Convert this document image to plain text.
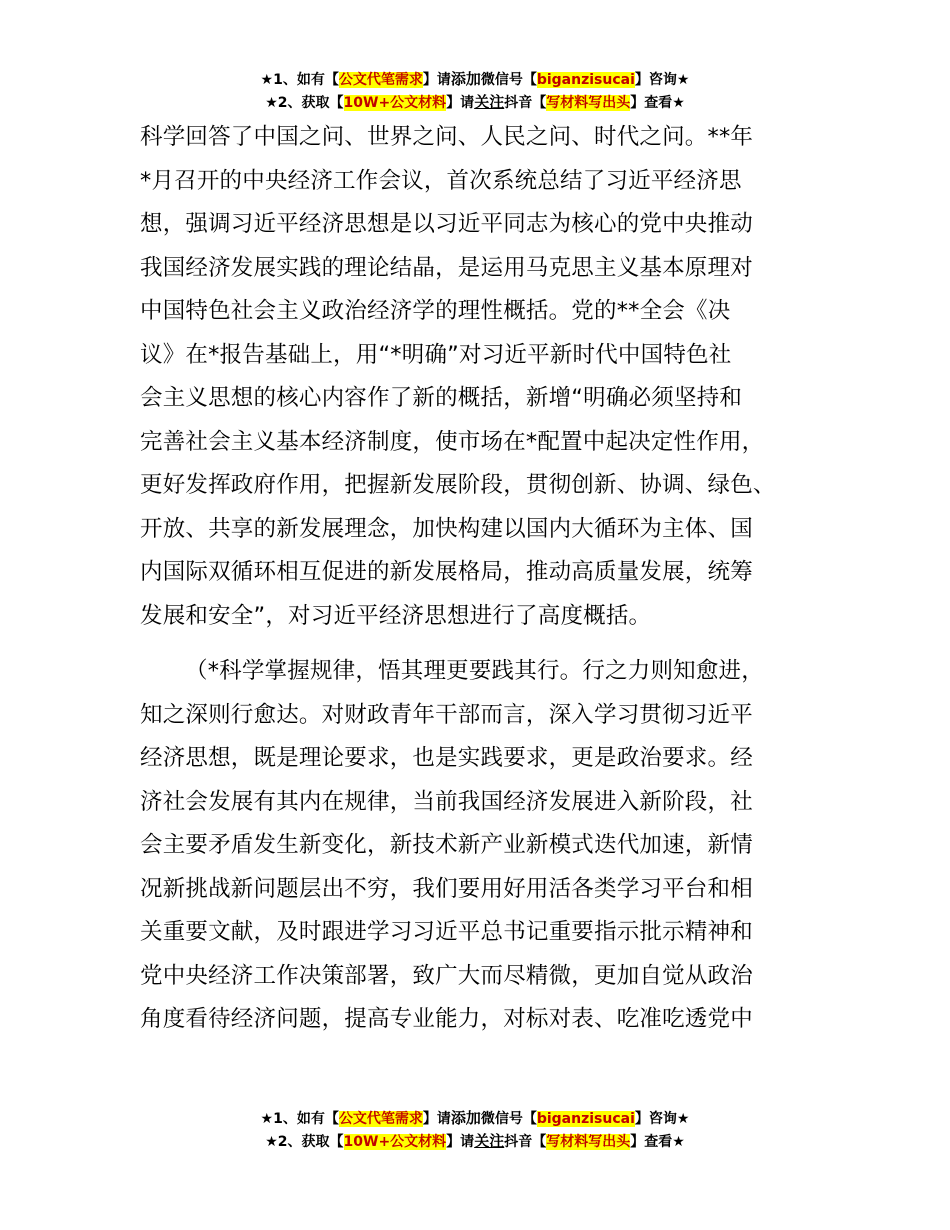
★1、如有【公文代笔需求】请添加微信号【biganzisucai】咨询★
★2、获取【10W+公文材料】请关注抖音【写材料写出头】查看★
科学回答了中国之问、世界之问、人民之问、时代之问。**年
*月召开的中央经济工作会议，首次系统总结了习近平经济思
想，强调习近平经济思想是以习近平同志为核心的党中央推动
我国经济发展实践的理论结晶，是运用马克思主义基本原理对
中国特色社会主义政治经济学的理性概括。党的**全会《决
议》在*报告基础上，用“*明确”对习近平新时代中国特色社
会主义思想的核心内容作了新的概括，新增“明确必须坚持和
完善社会主义基本经济制度，使市场在*配置中起决定性作用，
更好发挥政府作用，把握新发展阶段，贯彻创新、协调、绿色、
开放、共享的新发展理念，加快构建以国内大循环为主体、国
内国际双循环相互促进的新发展格局，推动高质量发展，统筹
发展和安全”，对习近平经济思想进行了高度概括。
（*科学掌握规律，悟其理更要践其行。行之力则知愈进，
知之深则行愈达。对财政青年干部而言，深入学习贯彻习近平
经济思想，既是理论要求，也是实践要求，更是政治要求。经
济社会发展有其内在规律，当前我国经济发展进入新阶段，社
会主要矛盾发生新变化，新技术新产业新模式迭代加速，新情
况新挑战新问题层出不穷，我们要用好用活各类学习平台和相
关重要文献，及时跟进学习习近平总书记重要指示批示精神和
党中央经济工作决策部署，致广大而尽精微，更加自觉从政治
角度看待经济问题，提高专业能力，对标对表、吃准吃透党中
★1、如有【公文代笔需求】请添加微信号【biganzisucai】咨询★
★2、获取【10W+公文材料】请关注抖音【写材料写出头】查看★
